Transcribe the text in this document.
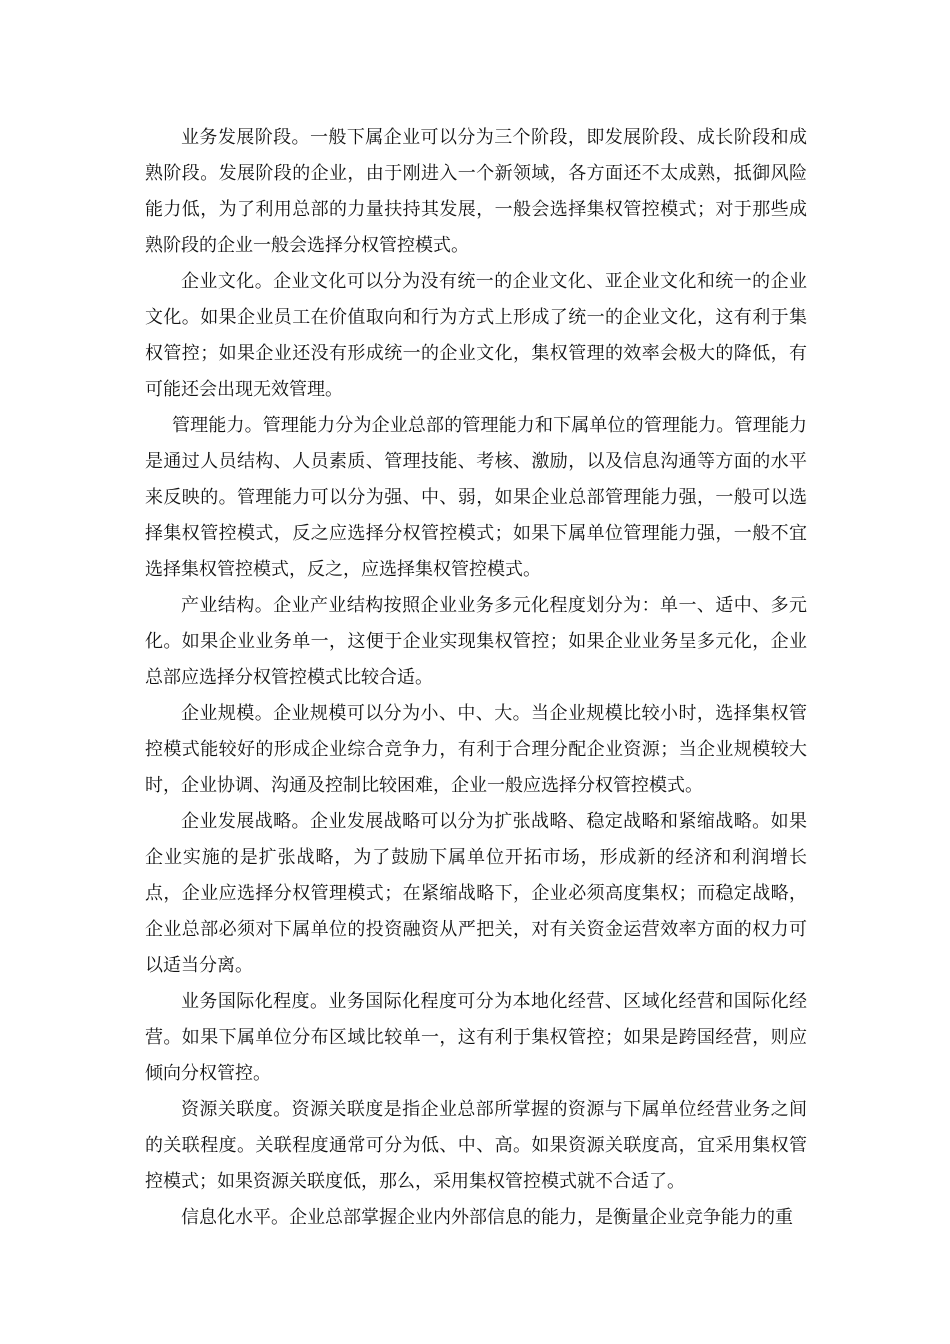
业务发展阶段。一般下属企业可以分为三个阶段，即发展阶段、成长阶段和成熟阶段。发展阶段的企业，由于刚进入一个新领域，各方面还不太成熟，抵御风险能力低，为了利用总部的力量扶持其发展，一般会选择集权管控模式；对于那些成熟阶段的企业一般会选择分权管控模式。

企业文化。企业文化可以分为没有统一的企业文化、亚企业文化和统一的企业文化。如果企业员工在价值取向和行为方式上形成了统一的企业文化，这有利于集权管控；如果企业还没有形成统一的企业文化，集权管理的效率会极大的降低，有可能还会出现无效管理。

管理能力。管理能力分为企业总部的管理能力和下属单位的管理能力。管理能力是通过人员结构、人员素质、管理技能、考核、激励，以及信息沟通等方面的水平来反映的。管理能力可以分为强、中、弱，如果企业总部管理能力强，一般可以选择集权管控模式，反之应选择分权管控模式；如果下属单位管理能力强，一般不宜选择集权管控模式，反之，应选择集权管控模式。

产业结构。企业产业结构按照企业业务多元化程度划分为：单一、适中、多元化。如果企业业务单一，这便于企业实现集权管控；如果企业业务呈多元化，企业总部应选择分权管控模式比较合适。

企业规模。企业规模可以分为小、中、大。当企业规模比较小时，选择集权管控模式能较好的形成企业综合竞争力，有利于合理分配企业资源；当企业规模较大时，企业协调、沟通及控制比较困难，企业一般应选择分权管控模式。

企业发展战略。企业发展战略可以分为扩张战略、稳定战略和紧缩战略。如果企业实施的是扩张战略，为了鼓励下属单位开拓市场，形成新的经济和利润增长点，企业应选择分权管理模式；在紧缩战略下，企业必须高度集权；而稳定战略，企业总部必须对下属单位的投资融资从严把关，对有关资金运营效率方面的权力可以适当分离。

业务国际化程度。业务国际化程度可分为本地化经营、区域化经营和国际化经营。如果下属单位分布区域比较单一，这有利于集权管控；如果是跨国经营，则应倾向分权管控。

资源关联度。资源关联度是指企业总部所掌握的资源与下属单位经营业务之间的关联程度。关联程度通常可分为低、中、高。如果资源关联度高，宜采用集权管控模式；如果资源关联度低，那么，采用集权管控模式就不合适了。

信息化水平。企业总部掌握企业内外部信息的能力，是衡量企业竞争能力的重
